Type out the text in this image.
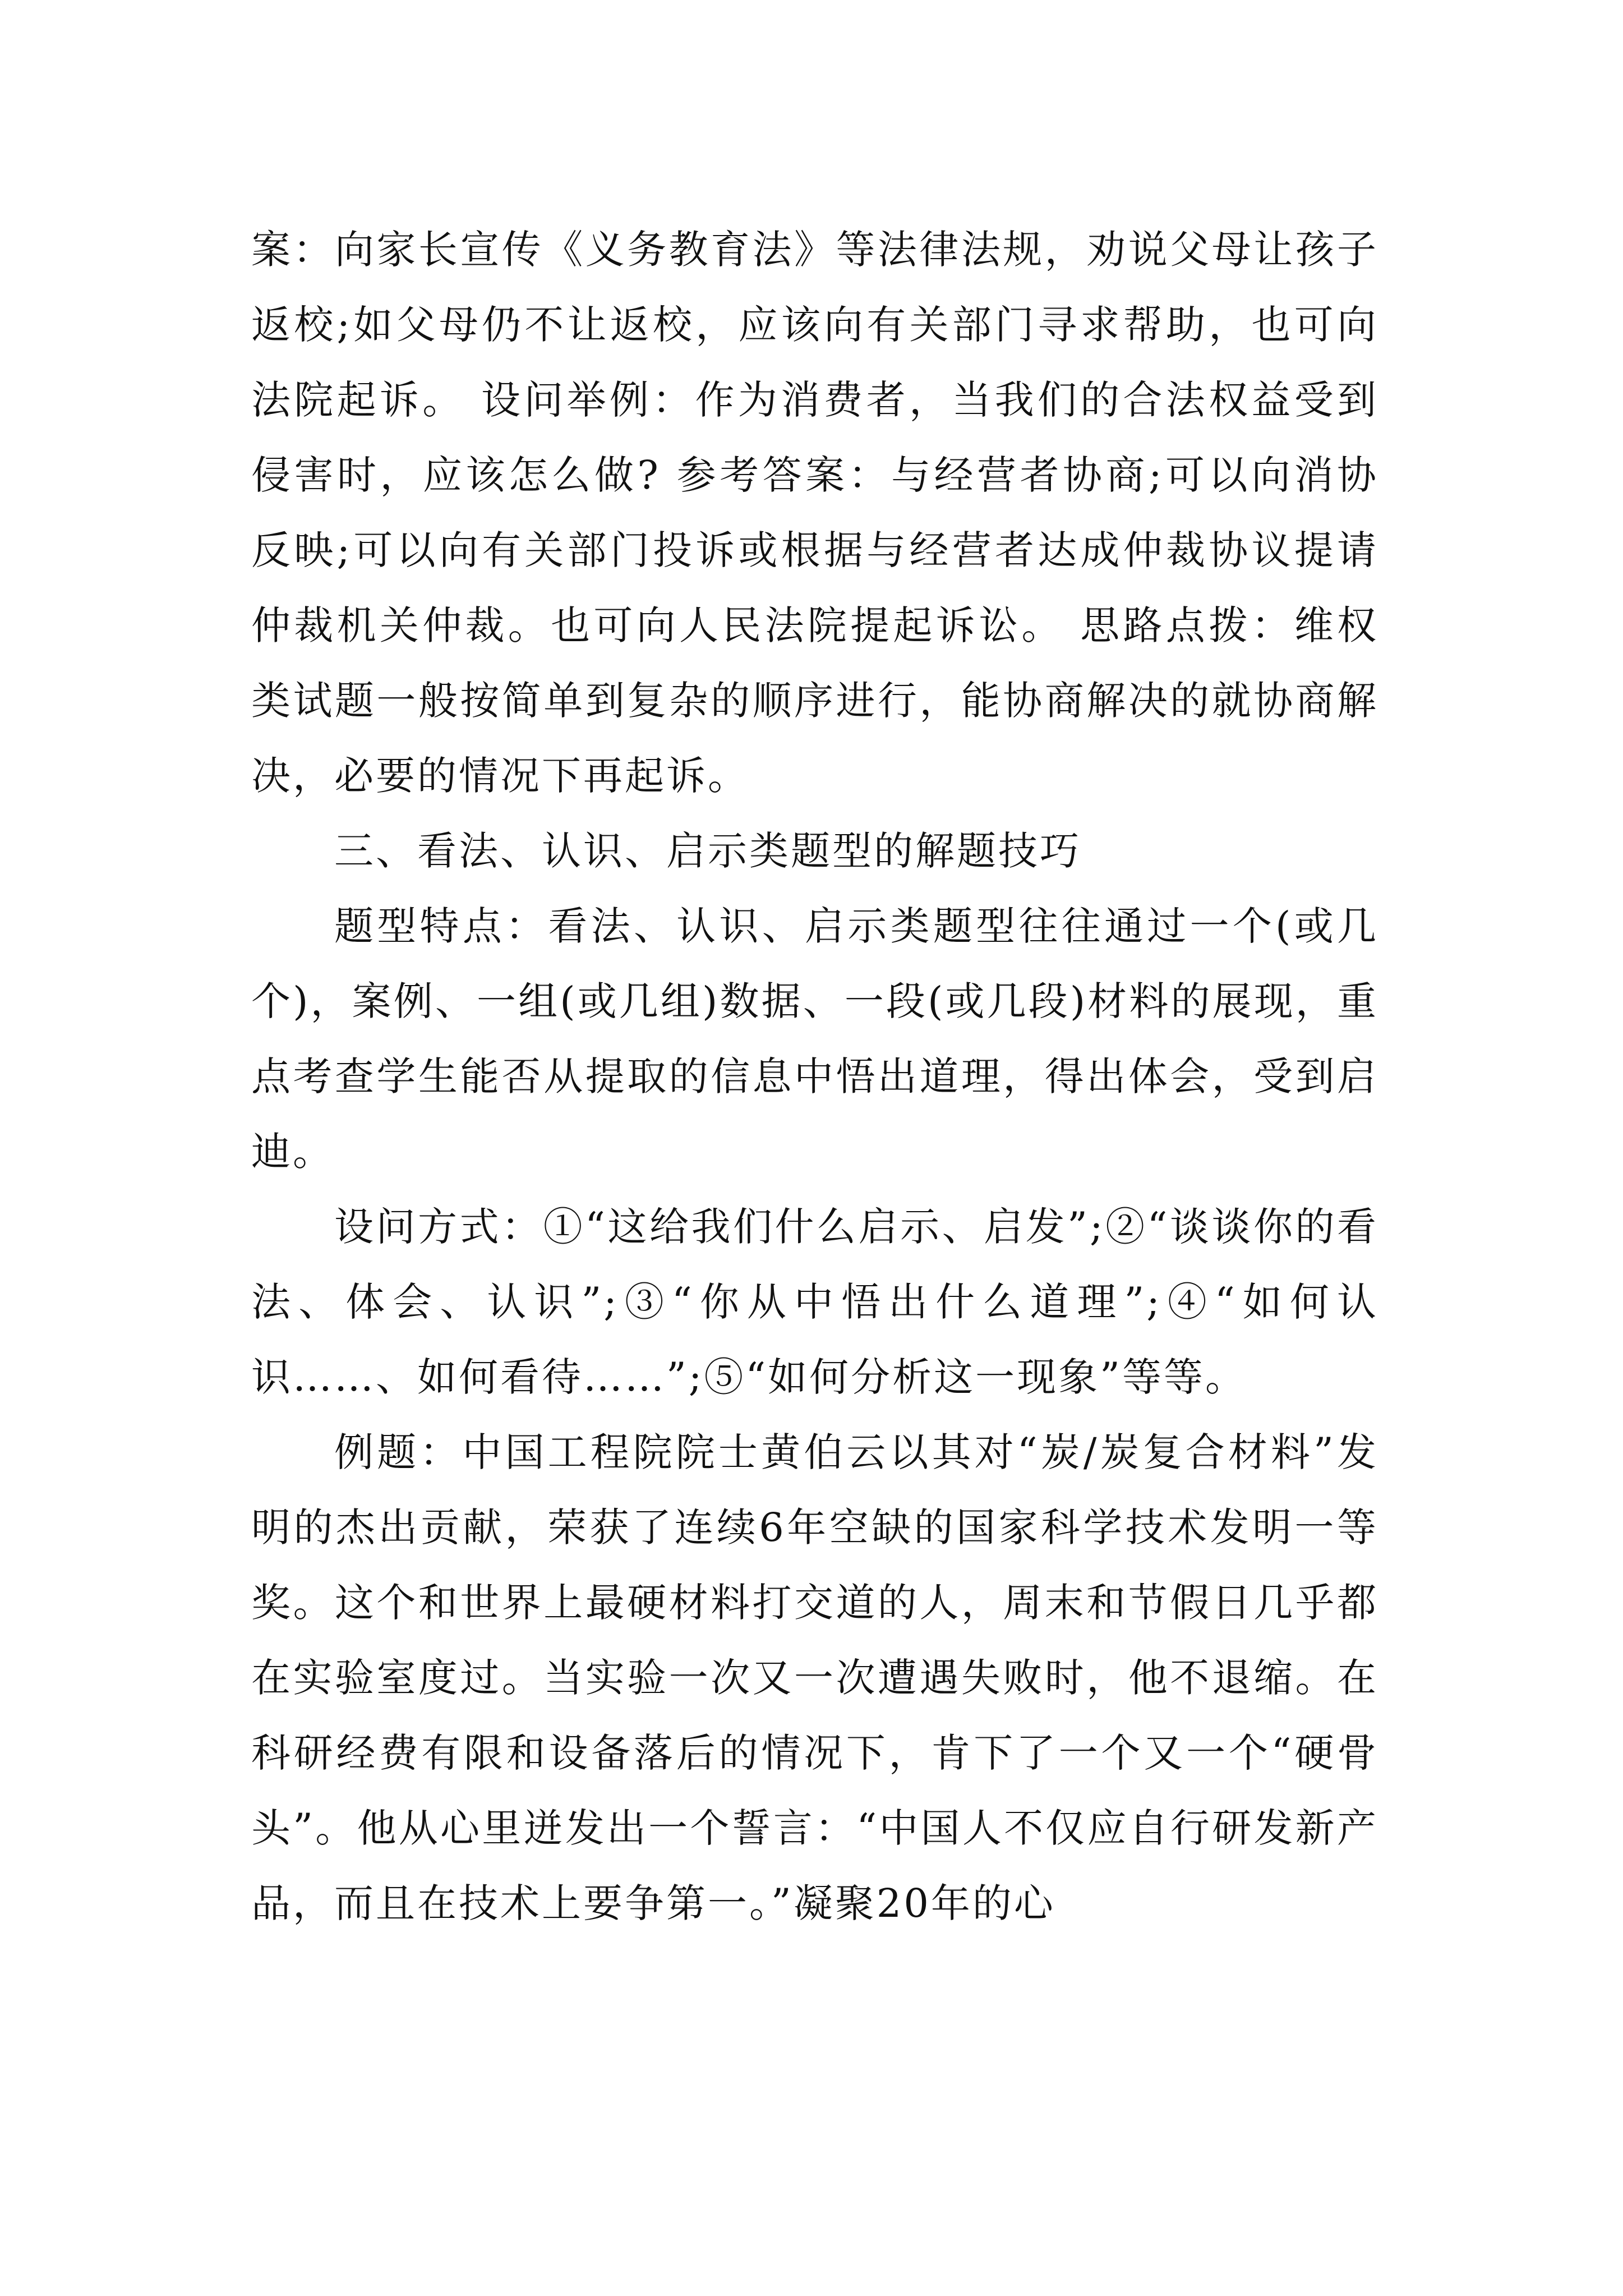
案：向家长宣传《义务教育法》等法律法规，劝说父母让孩子返校;如父母仍不让返校，应该向有关部门寻求帮助，也可向法院起诉。 设问举例：作为消费者，当我们的合法权益受到侵害时，应该怎么做? 参考答案：与经营者协商;可以向消协反映;可以向有关部门投诉或根据与经营者达成仲裁协议提请仲裁机关仲裁。也可向人民法院提起诉讼。 思路点拨：维权类试题一般按简单到复杂的顺序进行，能协商解决的就协商解决，必要的情况下再起诉。

三、看法、认识、启示类题型的解题技巧

题型特点：看法、认识、启示类题型往往通过一个(或几个)，案例、一组(或几组)数据、一段(或几段)材料的展现，重点考查学生能否从提取的信息中悟出道理，得出体会，受到启迪。

设问方式：①“这给我们什么启示、启发”;②“谈谈你的看法、体会、认识”;③“你从中悟出什么道理”;④“如何认识……、如何看待……”;⑤“如何分析这一现象”等等。

例题：中国工程院院士黄伯云以其对“炭/炭复合材料”发明的杰出贡献，荣获了连续6年空缺的国家科学技术发明一等奖。这个和世界上最硬材料打交道的人，周末和节假日几乎都在实验室度过。当实验一次又一次遭遇失败时，他不退缩。在科研经费有限和设备落后的情况下，肯下了一个又一个“硬骨头”。他从心里迸发出一个誓言：“中国人不仅应自行研发新产品，而且在技术上要争第一。”凝聚20年的心
